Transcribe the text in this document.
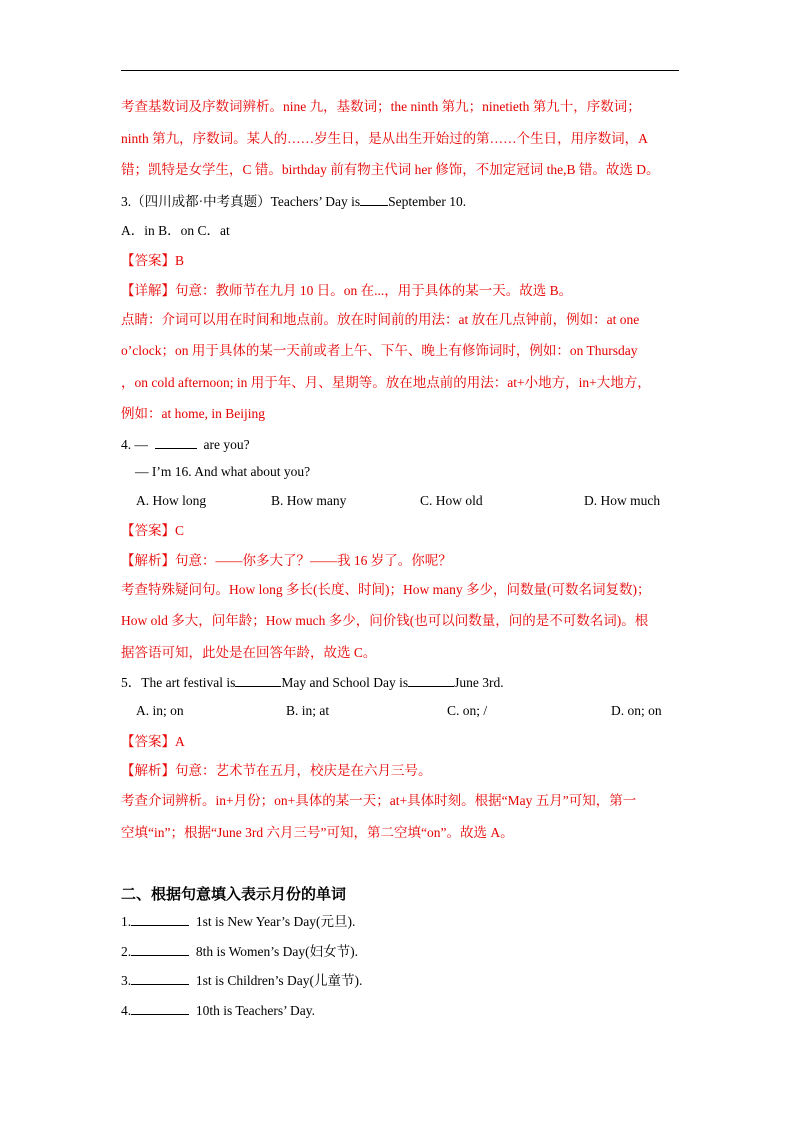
考查基数词及序数词辨析。nine 九，基数词；the ninth 第九；ninetieth 第九十，序数词；
ninth 第九，序数词。某人的……岁生日，是从出生开始过的第……个生日，用序数词，A
错；凯特是女学生，C 错。birthday 前有物主代词 her 修饰，不加定冠词 the,B 错。故选 D。
3.（四川成都·中考真题）Teachers’ Day is September 10.
A．in B．on C．at
【答案】B
【详解】句意：教师节在九月 10 日。on 在...，用于具体的某一天。故选 B。
点睛：介词可以用在时间和地点前。放在时间前的用法：at 放在几点钟前，例如：at one
o’clock；on 用于具体的某一天前或者上午、下午、晚上有修饰词时，例如：on Thursday
，on cold afternoon; in 用于年、月、星期等。放在地点前的用法：at+小地方，in+大地方，
例如：at home, in Beijing
4. —	are you?
— I’m 16. And what about you?
A. How long	B. How many	C. How old	D. How much
【答案】C
【解析】句意：——你多大了？——我 16 岁了。你呢？
考查特殊疑问句。How long 多长(长度、时间)；How many 多少，问数量(可数名词复数)；
How old 多大，问年龄；How much 多少，问价钱(也可以问数量，问的是不可数名词)。根
据答语可知，此处是在回答年龄，故选 C。
5．The art festival is	May and School Day is	June 3rd.
A. in; on	B. in; at	C. on; /	D. on; on
【答案】A
【解析】句意：艺术节在五月，校庆是在六月三号。
考查介词辨析。in+月份；on+具体的某一天；at+具体时刻。根据“May 五月”可知，第一
空填“in”；根据“June 3rd 六月三号”可知，第二空填“on”。故选 A。
二、根据句意填入表示月份的单词
1.	1st is New Year’s Day(元旦).
2.	8th is Women’s Day(妇女节).
3.	1st is Children’s Day(儿童节).
4.	10th is Teachers’ Day.
